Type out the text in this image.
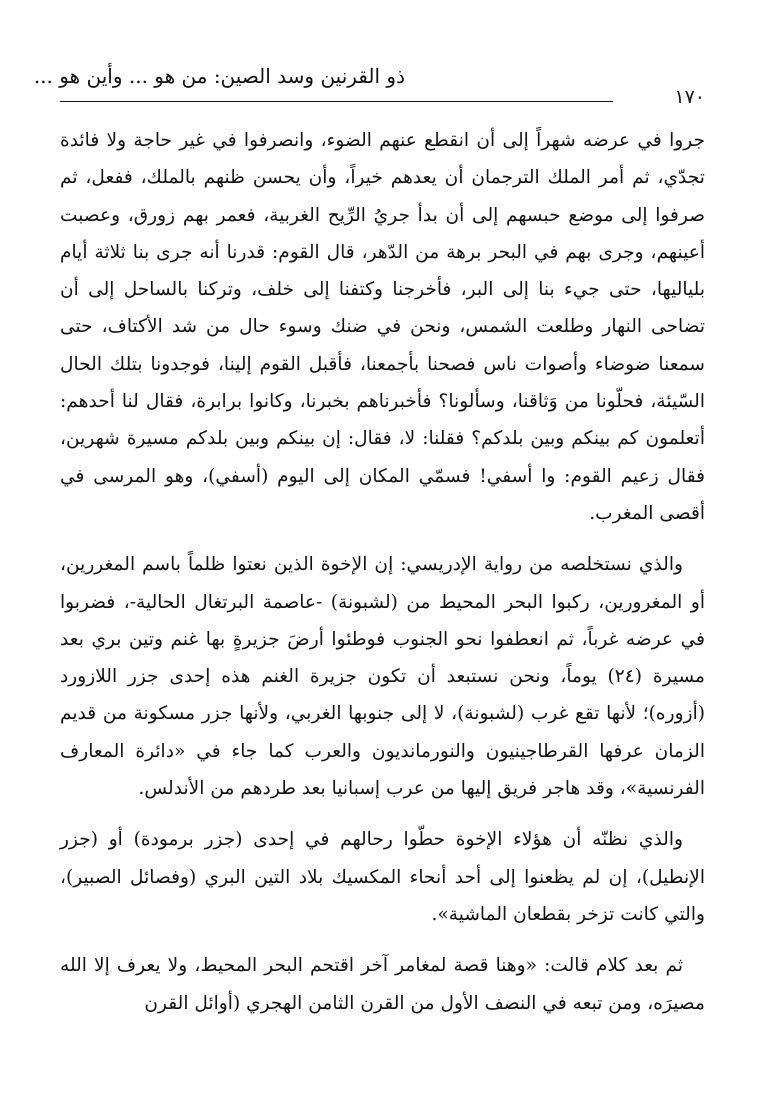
ذو القرنين وسد الصين: من هو ... وأين هو ...
١٧٠

جروا في عرضه شهراً إلى أن انقطع عنهم الضوء، وانصرفوا في غير حاجة ولا فائدة تجدّي، ثم أمر الملك الترجمان أن يعدهم خيراً، وأن يحسن ظنهم بالملك، ففعل، ثم صرفوا إلى موضع حبسهم إلى أن بدأ جريُ الرِّيح الغربية، فعمر بهم زورق، وعصبت أعينهم، وجرى بهم في البحر برهة من الدّهر، قال القوم: قدرنا أنه جرى بنا ثلاثة أيام بلياليها، حتى جيء بنا إلى البر، فأخرجنا وكتفنا إلى خلف، وتركنا بالساحل إلى أن تضاحى النهار وطلعت الشمس، ونحن في ضنك وسوء حال من شد الأكتاف، حتى سمعنا ضوضاء وأصوات ناس فصحنا بأجمعنا، فأقبل القوم إلينا، فوجدونا بتلك الحال السّيئة، فحلّونا من وَثاقنا، وسألونا؟ فأخبرناهم بخبرنا، وكانوا برابرة، فقال لنا أحدهم: أتعلمون كم بينكم وبين بلدكم؟ فقلنا: لا، فقال: إن بينكم وبين بلدكم مسيرة شهرين، فقال زعيم القوم: وا أسفي! فسمّي المكان إلى اليوم (أسفي)، وهو المرسى في أقصى المغرب.

والذي نستخلصه من رواية الإدريسي: إن الإخوة الذين نعتوا ظلماً باسم المغررين، أو المغرورين، ركبوا البحر المحيط من (لشبونة) -عاصمة البرتغال الحالية-، فضربوا في عرضه غرباً، ثم انعطفوا نحو الجنوب فوطئوا أرضَ جزيرةٍ بها غنم وتين بري بعد مسيرة (٢٤) يوماً، ونحن نستبعد أن تكون جزيرة الغنم هذه إحدى جزر اللازورد (أزوره)؛ لأنها تقع غرب (لشبونة)، لا إلى جنوبها الغربي، ولأنها جزر مسكونة من قديم الزمان عرفها القرطاجينيون والنورمانديون والعرب كما جاء في «دائرة المعارف الفرنسية»، وقد هاجر فريق إليها من عرب إسبانيا بعد طردهم من الأندلس.

والذي نظنّه أن هؤلاء الإخوة حطّوا رحالهم في إحدى (جزر برمودة) أو (جزر الإنطيل)، إن لم يظعنوا إلى أحد أنحاء المكسيك بلاد التين البري (وفصائل الصبير)، والتي كانت تزخر بقطعان الماشية».

ثم بعد كلام قالت: «وهنا قصة لمغامر آخر اقتحم البحر المحيط، ولا يعرف إلا الله مصيرَه، ومن تبعه في النصف الأول من القرن الثامن الهجري (أوائل القرن
